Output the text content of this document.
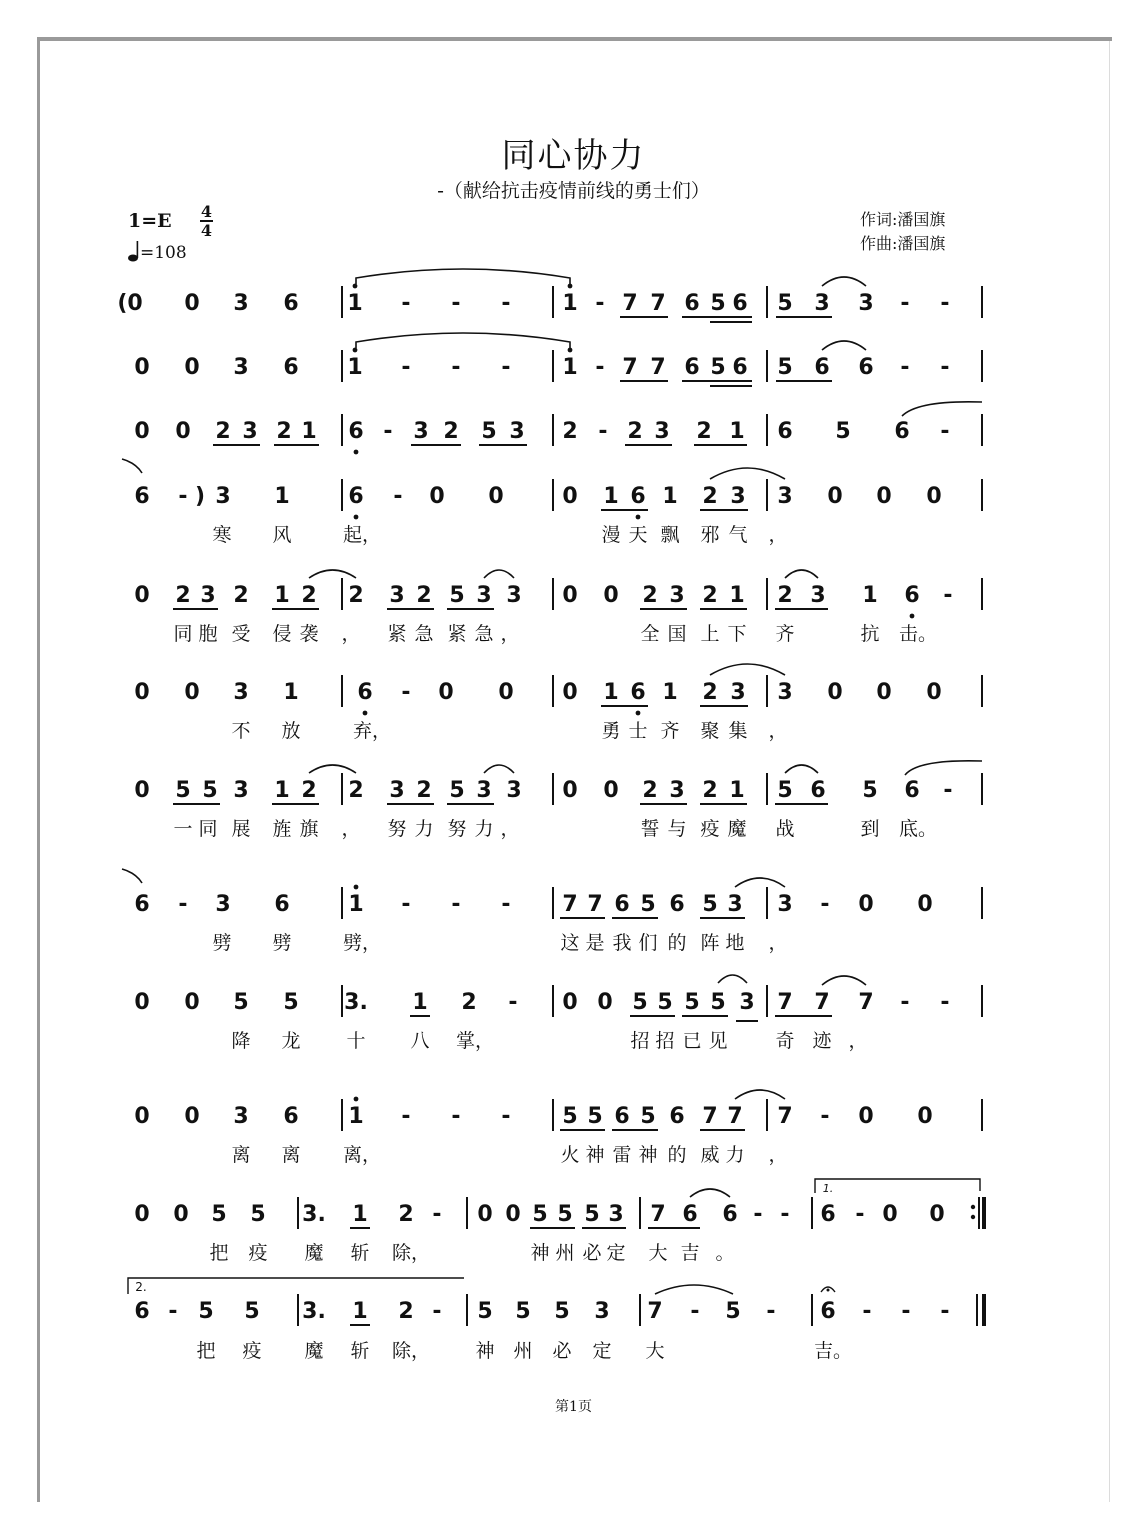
同心协力
-（献给抗击疫情前线的勇士们）
作词:潘国旗
作曲:潘国旗
1=E 4
4
=108
(0 0 3 6 1 - - - 1 - 7 7 6 5 6 5 3 3 - -
0 0 3 6 1 - - - 1 - 7 7 6 5 6 5 6 6 - -
0 0 2 3 2 1 6 - 3 2 5 3 2 - 2 3 2 1 6 5 6 -
6 - ) 3 1	6 - 0 0	0 1 6 1 2 3 3 0 0 0
寒 风	起，	漫 天 飘 邪 气 ，
0 2 3 2 1 2 2 3 2 5 3 3 0 0 2 3 2 1 2 3 1 6 -
同 胞 受 侵 袭 ， 紧 急 紧 急 ，	全 国 上 下 齐	抗 击。
0 0 3 1	6 - 0 0 0 1 6 1 2 3 3 0 0 0
不 放	弃，	勇 士 齐 聚 集 ，
0 5 5 3 1 2 2 3 2 5 3 3 0 0 2 3 2 1 5 6 5 6 -
一 同 展 旌 旗 ， 努 力 努 力 ，	誓 与 疫 魔 战	到 底。
6 - 3 6	1 - - - 7 7 6 5 6 5 3 3 - 0 0
劈 劈	劈，	这 是 我 们 的 阵 地 ，
0 0 5 5 3. 1 2 - 0 0 5 5 5 5 3 7 7 7 - -
降 龙 十 八 掌，	招 招 已 见	奇 迹 ，
0 0 3 6 1 - - - 5 5 6 5 6 7 7 7 - 0 0
离 离 离，	火 神 雷 神 的 威 力 ，
0 0 5 5 3. 1 2 - 0 0 5 5 5 3 7 6 6 - - 6 - 0 0
把 疫 魔 斩 除，	神 州 必 定 大 吉 。
6 - 5 5 3. 1 2 - 5 5 5 3 7 - 5 - 6 - - -
把 疫 魔 斩 除， 神 州 必 定 大	吉。
1.
2.
第1页
